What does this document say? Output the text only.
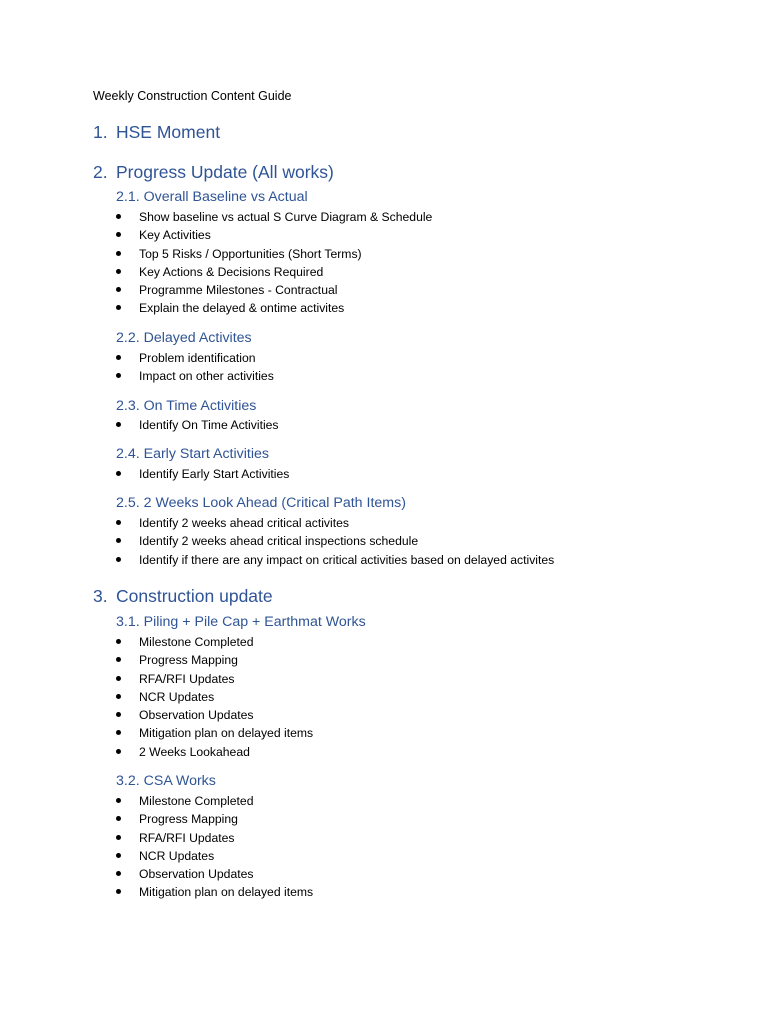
Weekly Construction Content Guide
1. HSE Moment
2. Progress Update (All works)
2.1. Overall Baseline vs Actual
Show baseline vs actual S Curve Diagram & Schedule
Key Activities
Top 5 Risks / Opportunities (Short Terms)
Key Actions & Decisions Required
Programme Milestones - Contractual
Explain the delayed & ontime activites
2.2. Delayed Activites
Problem identification
Impact on other activities
2.3. On Time Activities
Identify On Time Activities
2.4. Early Start Activities
Identify Early Start Activities
2.5. 2 Weeks Look Ahead (Critical Path Items)
Identify 2 weeks ahead critical activites
Identify 2 weeks ahead critical inspections schedule
Identify if there are any impact on critical activities based on delayed activites
3. Construction update
3.1. Piling + Pile Cap + Earthmat Works
Milestone Completed
Progress Mapping
RFA/RFI Updates
NCR Updates
Observation Updates
Mitigation plan on delayed items
2 Weeks Lookahead
3.2. CSA Works
Milestone Completed
Progress Mapping
RFA/RFI Updates
NCR Updates
Observation Updates
Mitigation plan on delayed items
